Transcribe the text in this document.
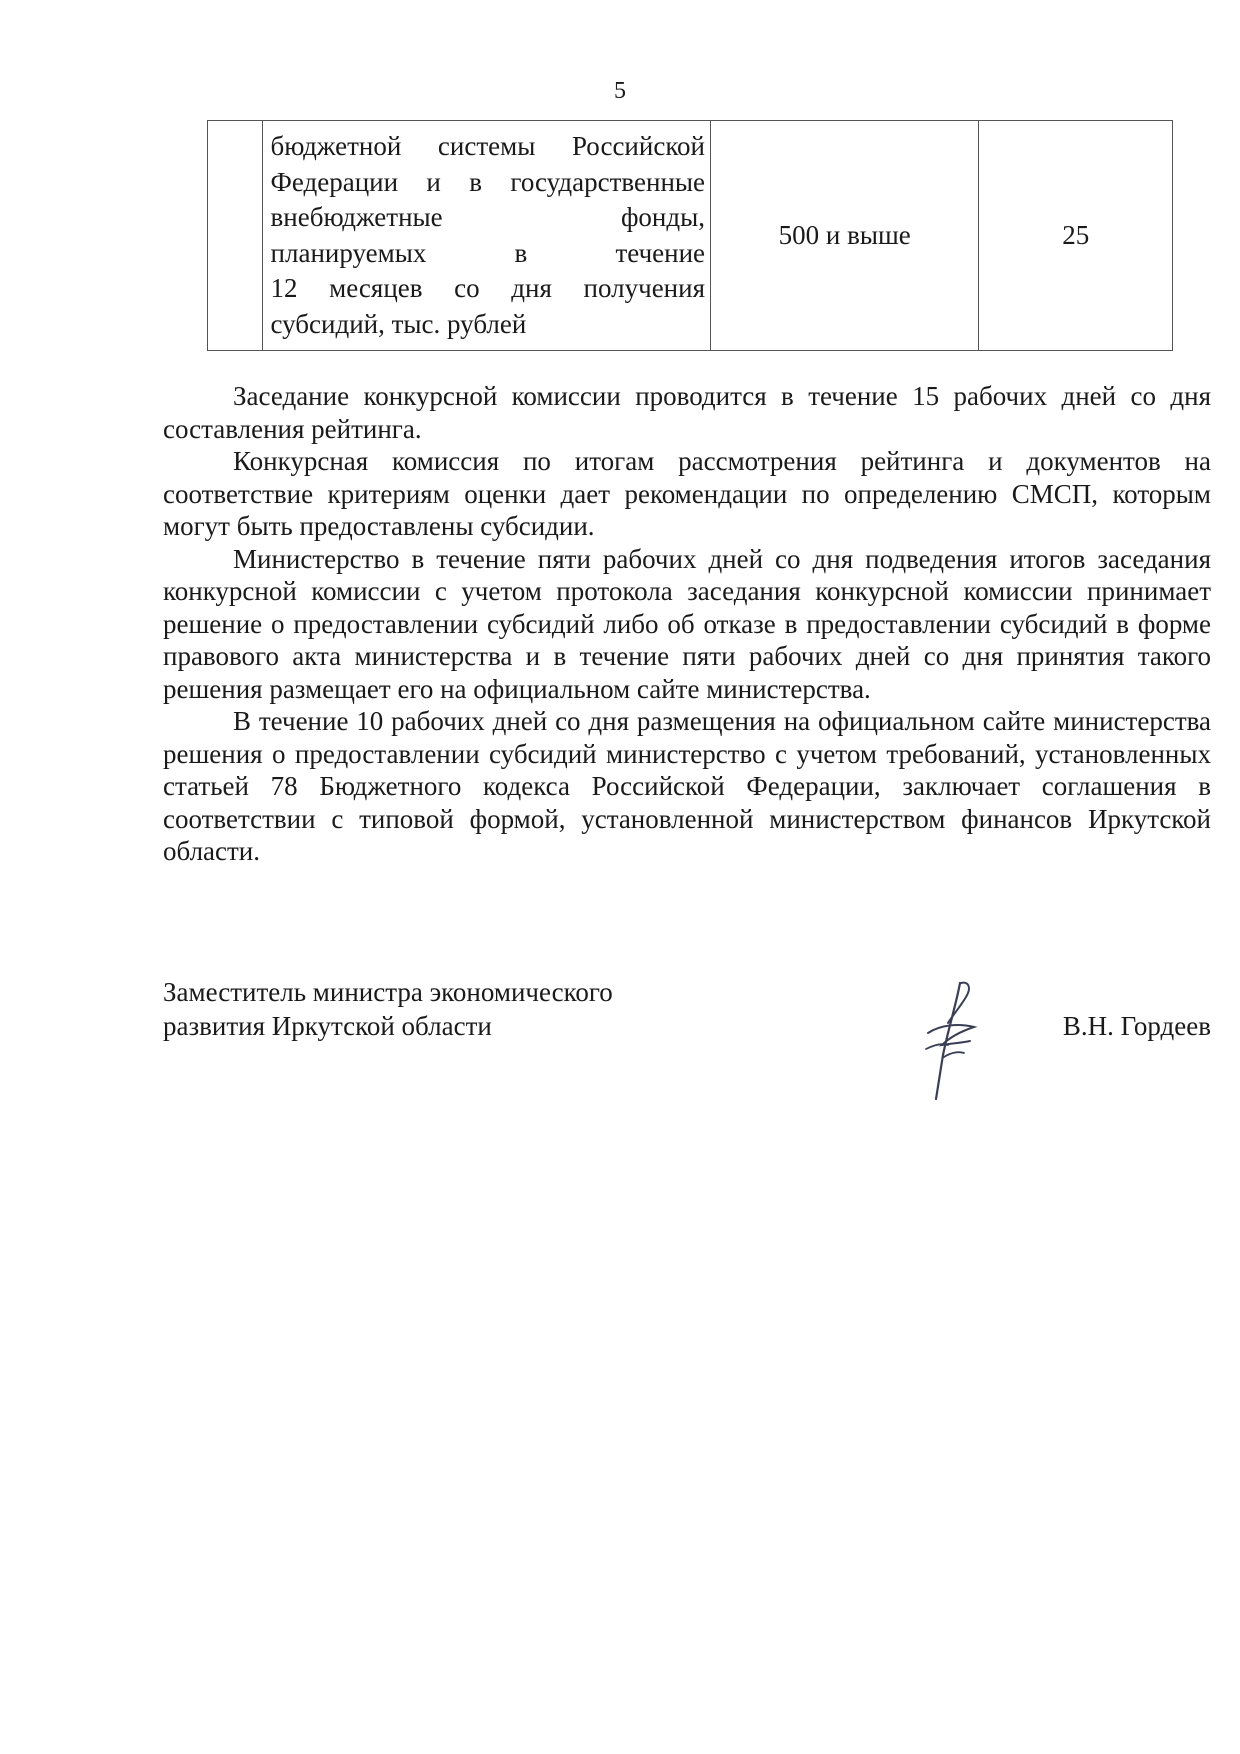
5

бюджетной системы Российской
Федерации и в государственные
внебюджетные фонды,
планируемых в течение
12 месяцев со дня получения
субсидий, тыс. рублей
	500 и выше	25

Заседание конкурсной комиссии проводится в течение 15 рабочих дней со дня составления рейтинга.

Конкурсная комиссия по итогам рассмотрения рейтинга и документов на соответствие критериям оценки дает рекомендации по определению СМСП, которым могут быть предоставлены субсидии.

Министерство в течение пяти рабочих дней со дня подведения итогов заседания конкурсной комиссии с учетом протокола заседания конкурсной комиссии принимает решение о предоставлении субсидий либо об отказе в предоставлении субсидий в форме правового акта министерства и в течение пяти рабочих дней со дня принятия такого решения размещает его на официальном сайте министерства.

В течение 10 рабочих дней со дня размещения на официальном сайте министерства решения о предоставлении субсидий министерство с учетом требований, установленных статьей 78 Бюджетного кодекса Российской Федерации, заключает соглашения в соответствии с типовой формой, установленной министерством финансов Иркутской области.

Заместитель министра экономического
развития Иркутской области	В.Н. Гордеев
